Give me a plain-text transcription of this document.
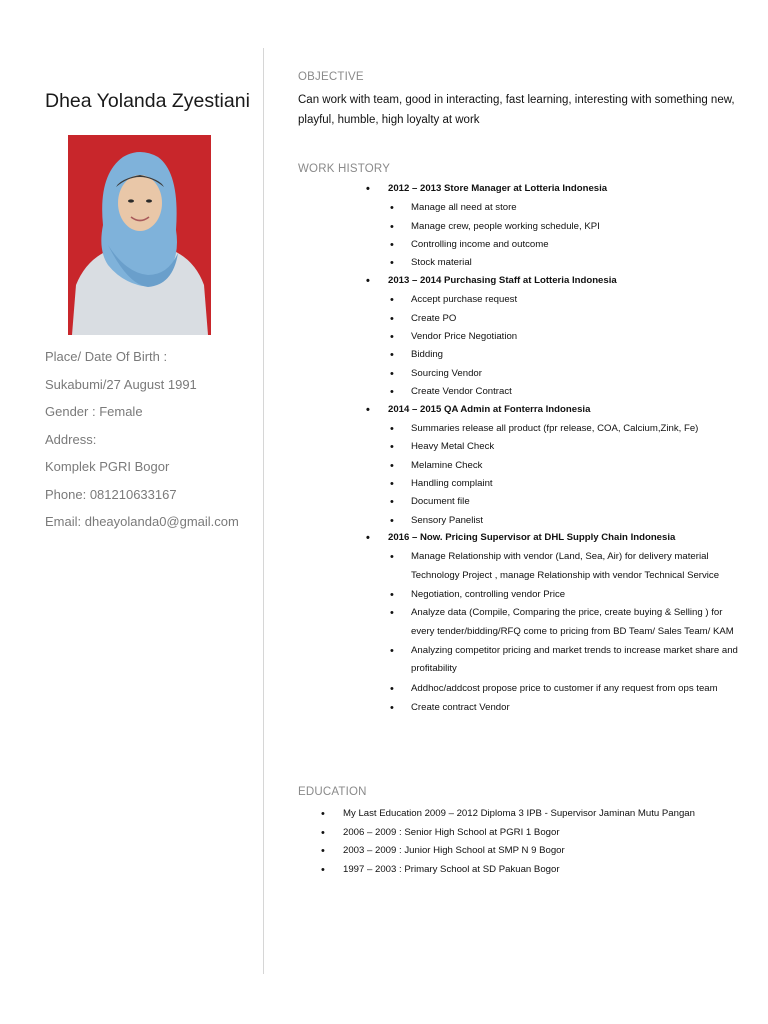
Dhea Yolanda Zyestiani
Place/ Date Of Birth :
Sukabumi/27 August 1991
Gender : Female
Address:
Komplek PGRI Bogor
Phone: 081210633167
Email: dheayolanda0@gmail.com
OBJECTIVE
Can work with team, good in interacting, fast learning, interesting with something new, playful, humble, high loyalty at work
WORK HISTORY
• 2012 – 2013 Store Manager at Lotteria Indonesia
• Manage all need at store
• Manage crew, people working schedule, KPI
• Controlling income and outcome
• Stock material
• 2013 – 2014 Purchasing Staff at Lotteria Indonesia
• Accept purchase request
• Create PO
• Vendor Price Negotiation
• Bidding
• Sourcing Vendor
• Create Vendor Contract
• 2014 – 2015 QA Admin at Fonterra Indonesia
• Summaries release all product (fpr release, COA, Calcium,Zink, Fe)
• Heavy Metal Check
• Melamine Check
• Handling complaint
• Document file
• Sensory Panelist
• 2016 – Now. Pricing Supervisor at DHL Supply Chain Indonesia
• Manage Relationship with vendor (Land, Sea, Air) for delivery material Technology Project , manage Relationship with vendor Technical Service
• Negotiation, controlling vendor Price
• Analyze data (Compile, Comparing the price, create buying & Selling ) for every tender/bidding/RFQ come to pricing from BD Team/ Sales Team/ KAM
• Analyzing competitor pricing and market trends to increase market share and profitability
• Addhoc/addcost propose price to customer if any request from ops team
• Create contract Vendor
EDUCATION
• My Last Education 2009 – 2012 Diploma 3 IPB - Supervisor Jaminan Mutu Pangan
• 2006 – 2009 : Senior High School at PGRI 1 Bogor
• 2003 – 2009 : Junior High School at SMP N 9 Bogor
• 1997 – 2003 : Primary School at SD Pakuan Bogor
